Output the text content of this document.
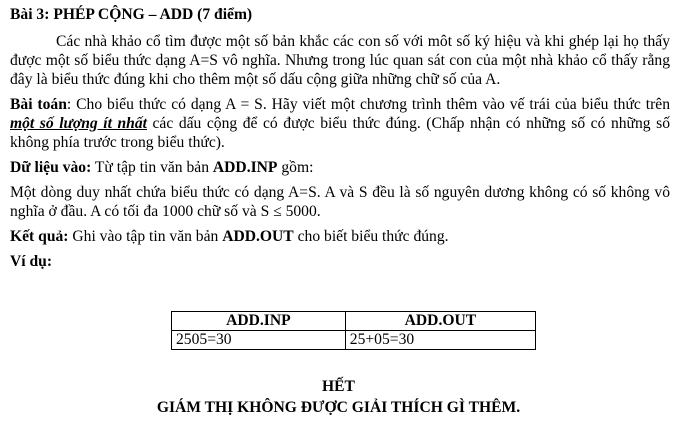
Bài 3: PHÉP CỘNG – ADD (7 điểm)
Các nhà khảo cổ tìm được một số bản khắc các con số với môt số ký hiệu và khi ghép lại họ thấy được một số biểu thức dạng A=S vô nghĩa. Nhưng trong lúc quan sát con của một nhà khảo cổ thấy rằng đây là biểu thức đúng khi cho thêm một số dấu cộng giữa những chữ số của A.
Bài toán: Cho biểu thức có dạng A = S. Hãy viết một chương trình thêm vào vế trái của biểu thức trên một số lượng ít nhất các dấu cộng để có được biểu thức đúng. (Chấp nhận có những số có những số không phía trước trong biểu thức).
Dữ liệu vào: Từ tập tin văn bản ADD.INP gồm:
Một dòng duy nhất chứa biểu thức có dạng A=S. A và S đều là số nguyên dương không có số không vô nghĩa ở đầu. A có tối đa 1000 chữ số và S ≤ 5000.
Kết quả: Ghi vào tập tin văn bản ADD.OUT cho biết biểu thức đúng.
Ví dụ:
ADD.INP	ADD.OUT
2505=30	25+05=30
HẾT
GIÁM THỊ KHÔNG ĐƯỢC GIẢI THÍCH GÌ THÊM.
